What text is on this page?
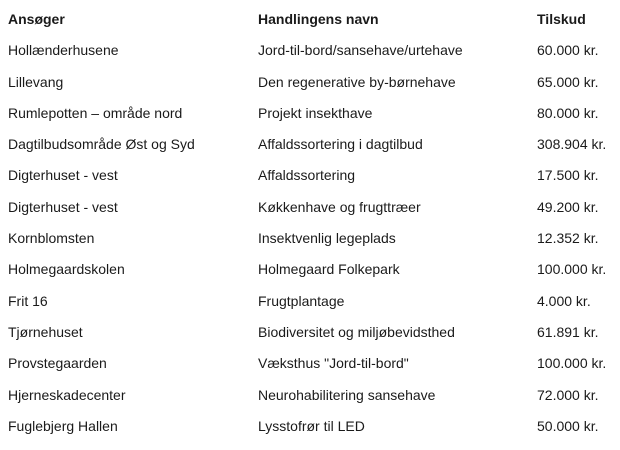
Ansøger	Handlingens navn	Tilskud
Hollænderhusene	Jord-til-bord/sansehave/urtehave	60.000 kr.
Lillevang	Den regenerative by-børnehave	65.000 kr.
Rumlepotten – område nord	Projekt insekthave	80.000 kr.
Dagtilbudsområde Øst og Syd	Affaldssortering i dagtilbud	308.904 kr.
Digterhuset - vest	Affaldssortering	17.500 kr.
Digterhuset - vest	Køkkenhave og frugttræer	49.200 kr.
Kornblomsten	Insektvenlig legeplads	12.352 kr.
Holmegaardskolen	Holmegaard Folkepark	100.000 kr.
Frit 16	Frugtplantage	4.000 kr.
Tjørnehuset	Biodiversitet og miljøbevidsthed	61.891 kr.
Provstegaarden	Væksthus "Jord-til-bord"	100.000 kr.
Hjerneskadecenter	Neurohabilitering sansehave	72.000 kr.
Fuglebjerg Hallen	Lysstofrør til LED	50.000 kr.
